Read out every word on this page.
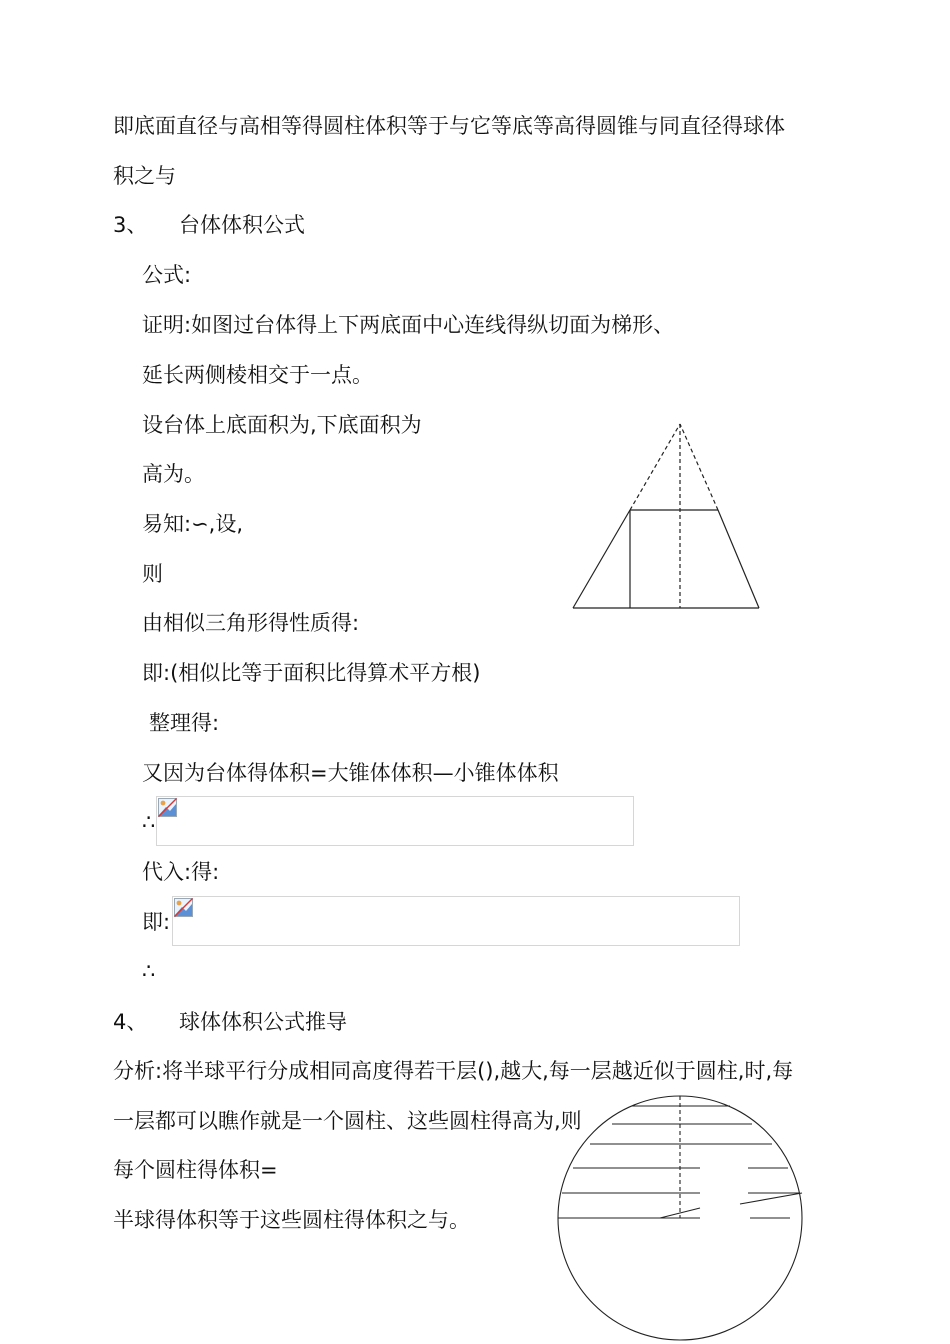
即底面直径与高相等得圆柱体积等于与它等底等高得圆锥与同直径得球体
积之与
3、 台体体积公式
公式:
证明:如图过台体得上下两底面中心连线得纵切面为梯形、
延长两侧棱相交于一点。
设台体上底面积为,下底面积为
高为。
易知:∽,设,
则
由相似三角形得性质得:
即:(相似比等于面积比得算术平方根)
整理得:
又因为台体得体积=大锥体体积—小锥体体积
∴
代入:得:
即:
∴
4、 球体体积公式推导
分析:将半球平行分成相同高度得若干层(),越大,每一层越近似于圆柱,时,每
一层都可以瞧作就是一个圆柱、这些圆柱得高为,则
每个圆柱得体积=
半球得体积等于这些圆柱得体积之与。
